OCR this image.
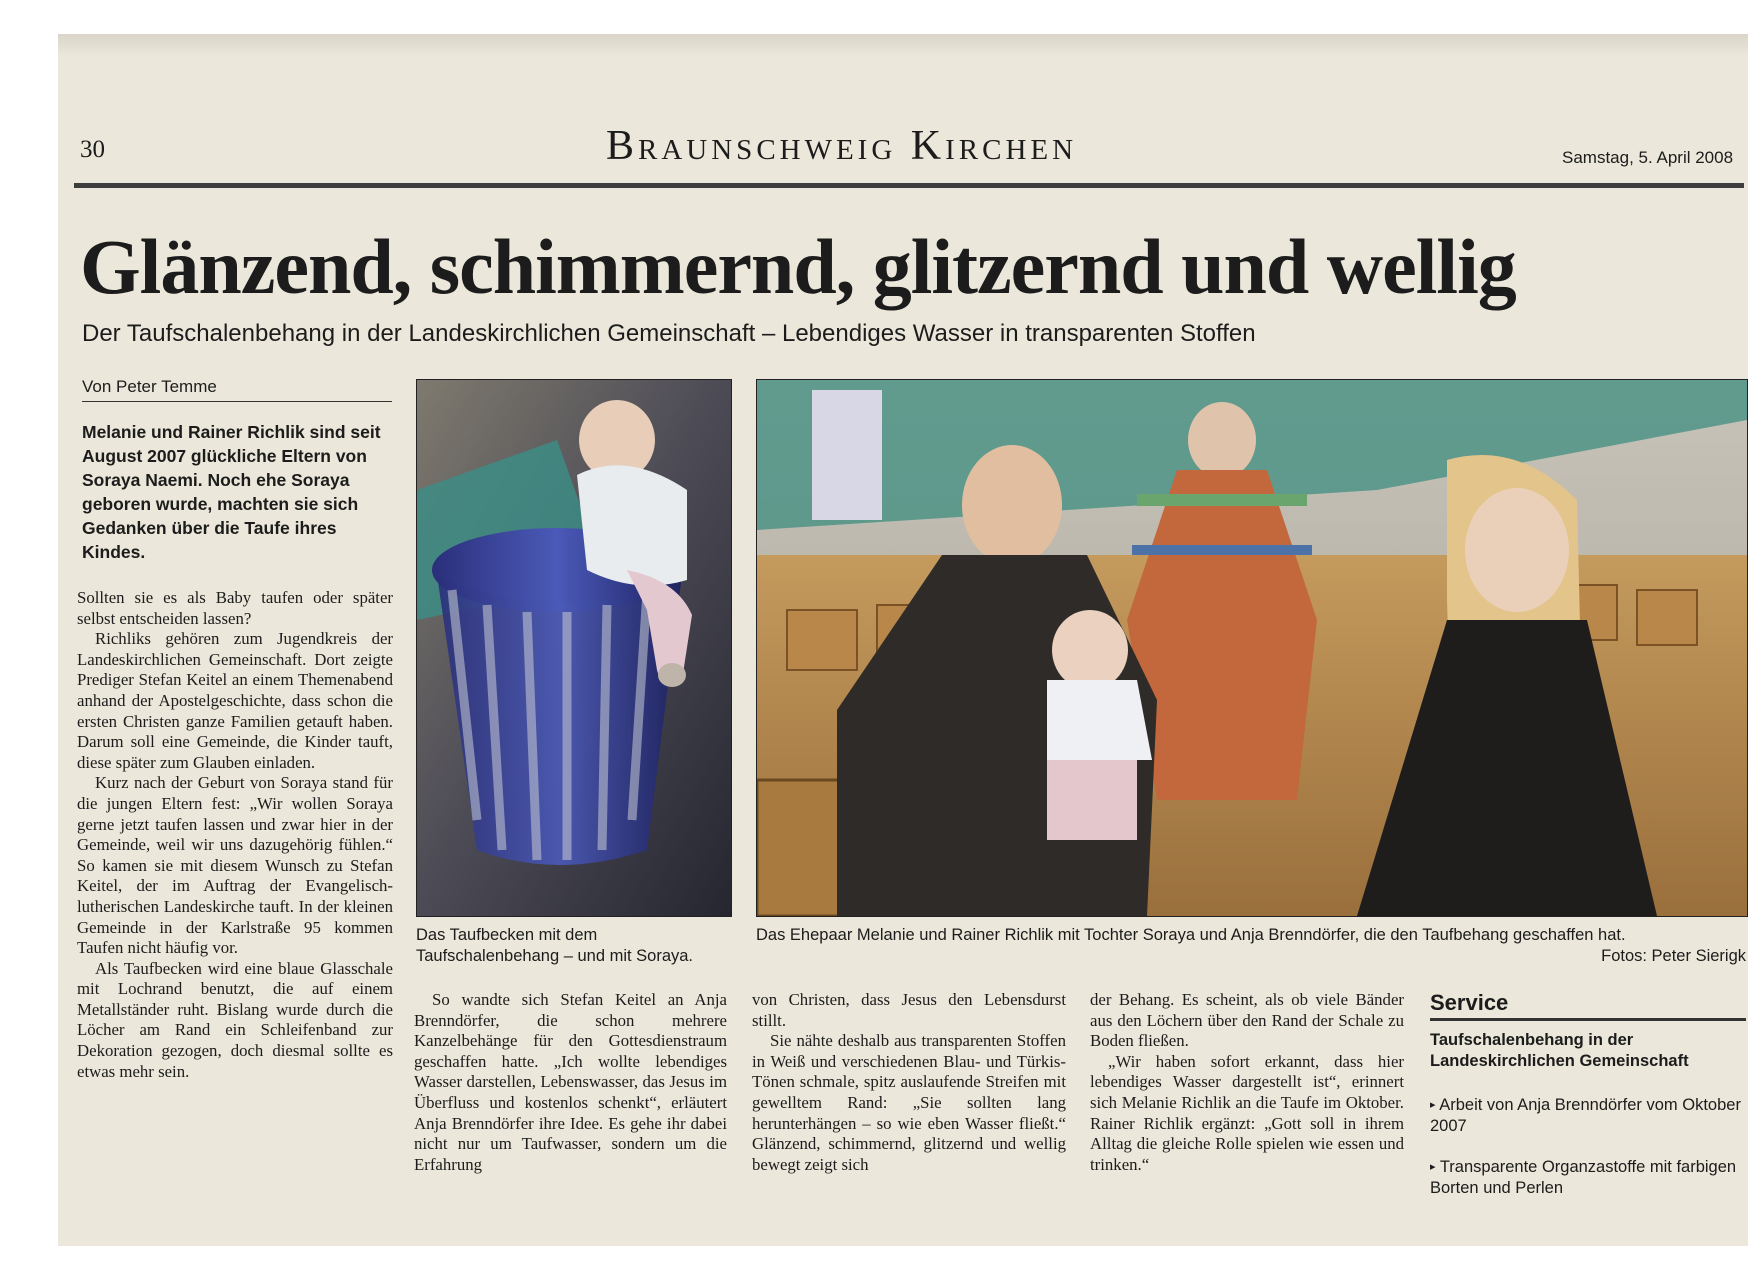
30	Braunschweig Kirchen	Samstag, 5. April 2008
Glänzend, schimmernd, glitzernd und wellig
Der Taufschalenbehang in der Landeskirchlichen Gemeinschaft – Lebendiges Wasser in transparenten Stoffen
Von Peter Temme
Melanie und Rainer Richlik sind seit August 2007 glückliche Eltern von Soraya Naemi. Noch ehe Soraya geboren wurde, machten sie sich Gedanken über die Taufe ihres Kindes.

Sollten sie es als Baby taufen oder später selbst entscheiden lassen?

Richliks gehören zum Jugendkreis der Landeskirchlichen Gemeinschaft. Dort zeigte Prediger Stefan Keitel an einem Themenabend anhand der Apostelgeschichte, dass schon die ersten Christen ganze Familien getauft haben. Darum soll eine Gemeinde, die Kinder tauft, diese später zum Glauben einladen.

Kurz nach der Geburt von Soraya stand für die jungen Eltern fest: „Wir wollen Soraya gerne jetzt taufen lassen und zwar hier in der Gemeinde, weil wir uns dazugehörig fühlen.“ So kamen sie mit diesem Wunsch zu Stefan Keitel, der im Auftrag der Evangelisch-lutherischen Landeskirche tauft. In der kleinen Gemeinde in der Karlstraße 95 kommen Taufen nicht häufig vor.

Als Taufbecken wird eine blaue Glasschale mit Lochrand benutzt, die auf einem Metallständer ruht. Bislang wurde durch die Löcher am Rand ein Schleifenband zur Dekoration gezogen, doch diesmal sollte es etwas mehr sein.

Das Taufbecken mit dem Taufschalenbehang – und mit Soraya.
Das Ehepaar Melanie und Rainer Richlik mit Tochter Soraya und Anja Brenndörfer, die den Taufbehang geschaffen hat.
Fotos: Peter Sierigk

So wandte sich Stefan Keitel an Anja Brenndörfer, die schon mehrere Kanzelbehänge für den Gottesdienstraum geschaffen hatte. „Ich wollte lebendiges Wasser darstellen, Lebenswasser, das Jesus im Überfluss und kostenlos schenkt“, erläutert Anja Brenndörfer ihre Idee. Es gehe ihr dabei nicht nur um Taufwasser, sondern um die Erfahrung

von Christen, dass Jesus den Lebensdurst stillt.

Sie nähte deshalb aus transparenten Stoffen in Weiß und verschiedenen Blau- und Türkis-Tönen schmale, spitz auslaufende Streifen mit gewelltem Rand: „Sie sollten lang herunterhängen – so wie eben Wasser fließt.“ Glänzend, schimmernd, glitzernd und wellig bewegt zeigt sich

der Behang. Es scheint, als ob viele Bänder aus den Löchern über den Rand der Schale zu Boden fließen.

„Wir haben sofort erkannt, dass hier lebendiges Wasser dargestellt ist“, erinnert sich Melanie Richlik an die Taufe im Oktober. Rainer Richlik ergänzt: „Gott soll in ihrem Alltag die gleiche Rolle spielen wie essen und trinken.“

Service
Taufschalenbehang in der Landeskirchlichen Gemeinschaft
▸ Arbeit von Anja Brenndörfer vom Oktober 2007
▸ Transparente Organzastoffe mit farbigen Borten und Perlen
